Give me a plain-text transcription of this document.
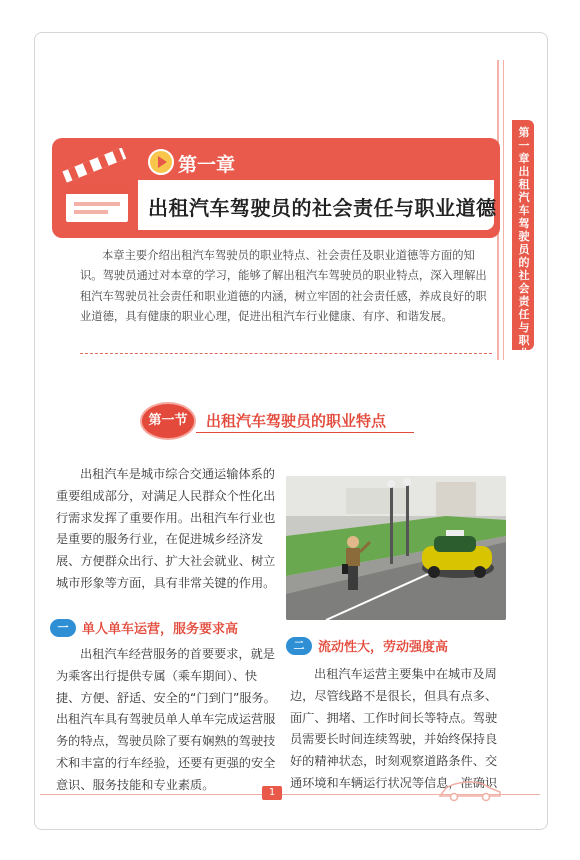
第一章 出租汽车驾驶员的社会责任与职业道德
第一章
出租汽车驾驶员的社会责任与职业道德
本章主要介绍出租汽车驾驶员的职业特点、社会责任及职业道德等方面的知识。驾驶员通过对本章的学习，能够了解出租汽车驾驶员的职业特点，深入理解出租汽车驾驶员社会责任和职业道德的内涵，树立牢固的社会责任感，养成良好的职业道德，具有健康的职业心理，促进出租汽车行业健康、有序、和谐发展。
第一节	出租汽车驾驶员的职业特点
出租汽车是城市综合交通运输体系的重要组成部分，对满足人民群众个性化出行需求发挥了重要作用。出租汽车行业也是重要的服务行业，在促进城乡经济发展、方便群众出行、扩大社会就业、树立城市形象等方面，具有非常关键的作用。
一	单人单车运营，服务要求高
出租汽车经营服务的首要要求，就是为乘客出行提供专属（乘车期间）、快捷、方便、舒适、安全的“门到门”服务。出租汽车具有驾驶员单人单车完成运营服务的特点，驾驶员除了要有娴熟的驾驶技术和丰富的行车经验，还要有更强的安全意识、服务技能和专业素质。
二	流动性大，劳动强度高
出租汽车运营主要集中在城市及周边，尽管线路不是很长，但具有点多、面广、拥堵、工作时间长等特点。驾驶员需要长时间连续驾驶，并始终保持良好的精神状态，时刻观察道路条件、交通环境和车辆运行状况等信息，准确识
1
